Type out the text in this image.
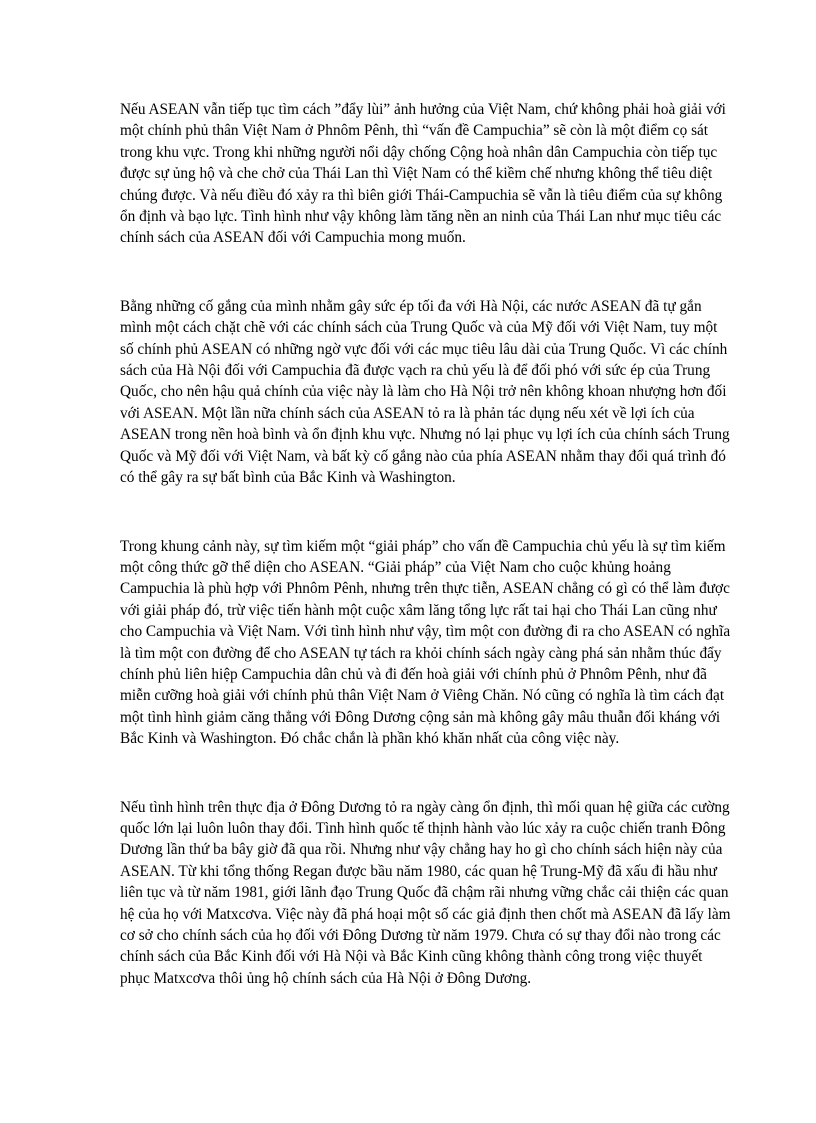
Nếu ASEAN vẫn tiếp tục tìm cách ”đẩy lùi” ảnh hưởng của Việt Nam, chứ không phải hoà giải với
một chính phủ thân Việt Nam ở Phnôm Pênh, thì “vấn đề Campuchia” sẽ còn là một điểm cọ sát
trong khu vực. Trong khi những người nổi dậy chống Cộng hoà nhân dân Campuchia còn tiếp tục
được sự ủng hộ và che chở của Thái Lan thì Việt Nam có thể kiềm chế nhưng không thể tiêu diệt
chúng được. Và nếu điều đó xảy ra thì biên giới Thái-Campuchia sẽ vẫn là tiêu điểm của sự không
ổn định và bạo lực. Tình hình như vậy không làm tăng nền an ninh của Thái Lan như mục tiêu các
chính sách của ASEAN đối với Campuchia mong muốn.

Bằng những cố gắng của mình nhằm gây sức ép tối đa với Hà Nội, các nước ASEAN đã tự gắn
mình một cách chặt chẽ với các chính sách của Trung Quốc và của Mỹ đối với Việt Nam, tuy một
số chính phủ ASEAN có những ngờ vực đối với các mục tiêu lâu dài của Trung Quốc. Vì các chính
sách của Hà Nội đối với Campuchia đã được vạch ra chủ yếu là để đối phó với sức ép của Trung
Quốc, cho nên hậu quả chính của việc này là làm cho Hà Nội trở nên không khoan nhượng hơn đối
với ASEAN. Một lần nữa chính sách của ASEAN tỏ ra là phản tác dụng nếu xét về lợi ích của
ASEAN trong nền hoà bình và ổn định khu vực. Nhưng nó lại phục vụ lợi ích của chính sách Trung
Quốc và Mỹ đối với Việt Nam, và bất kỳ cố gắng nào của phía ASEAN nhằm thay đổi quá trình đó
có thể gây ra sự bất bình của Bắc Kinh và Washington.

Trong khung cảnh này, sự tìm kiếm một “giải pháp” cho vấn đề Campuchia chủ yếu là sự tìm kiếm
một công thức gỡ thể diện cho ASEAN. “Giải pháp” của Việt Nam cho cuộc khủng hoảng
Campuchia là phù hợp với Phnôm Pênh, nhưng trên thực tiễn, ASEAN chẳng có gì có thể làm được
với giải pháp đó, trừ việc tiến hành một cuộc xâm lăng tổng lực rất tai hại cho Thái Lan cũng như
cho Campuchia và Việt Nam. Với tình hình như vậy, tìm một con đường đi ra cho ASEAN có nghĩa
là tìm một con đường để cho ASEAN tự tách ra khỏi chính sách ngày càng phá sản nhằm thúc đẩy
chính phủ liên hiệp Campuchia dân chủ và đi đến hoà giải với chính phủ ở Phnôm Pênh, như đã
miễn cưỡng hoà giải với chính phủ thân Việt Nam ở Viêng Chăn. Nó cũng có nghĩa là tìm cách đạt
một tình hình giảm căng thẳng với Đông Dương cộng sản mà không gây mâu thuẫn đối kháng với
Bắc Kinh và Washington. Đó chắc chắn là phần khó khăn nhất của công việc này.

Nếu tình hình trên thực địa ở Đông Dương tỏ ra ngày càng ổn định, thì mối quan hệ giữa các cường
quốc lớn lại luôn luôn thay đổi. Tình hình quốc tế thịnh hành vào lúc xảy ra cuộc chiến tranh Đông
Dương lần thứ ba bây giờ đã qua rồi. Nhưng như vậy chẳng hay ho gì cho chính sách hiện này của
ASEAN. Từ khi tổng thống Regan được bầu năm 1980, các quan hệ Trung-Mỹ đã xấu đi hầu như
liên tục và từ năm 1981, giới lãnh đạo Trung Quốc đã chậm rãi nhưng vững chắc cải thiện các quan
hệ của họ với Matxcơva. Việc này đã phá hoại một số các giả định then chốt mà ASEAN đã lấy làm
cơ sở cho chính sách của họ đối với Đông Dương từ năm 1979. Chưa có sự thay đổi nào trong các
chính sách của Bắc Kinh đối với Hà Nội và Bắc Kinh cũng không thành công trong việc thuyết
phục Matxcơva thôi ủng hộ chính sách của Hà Nội ở Đông Dương.
